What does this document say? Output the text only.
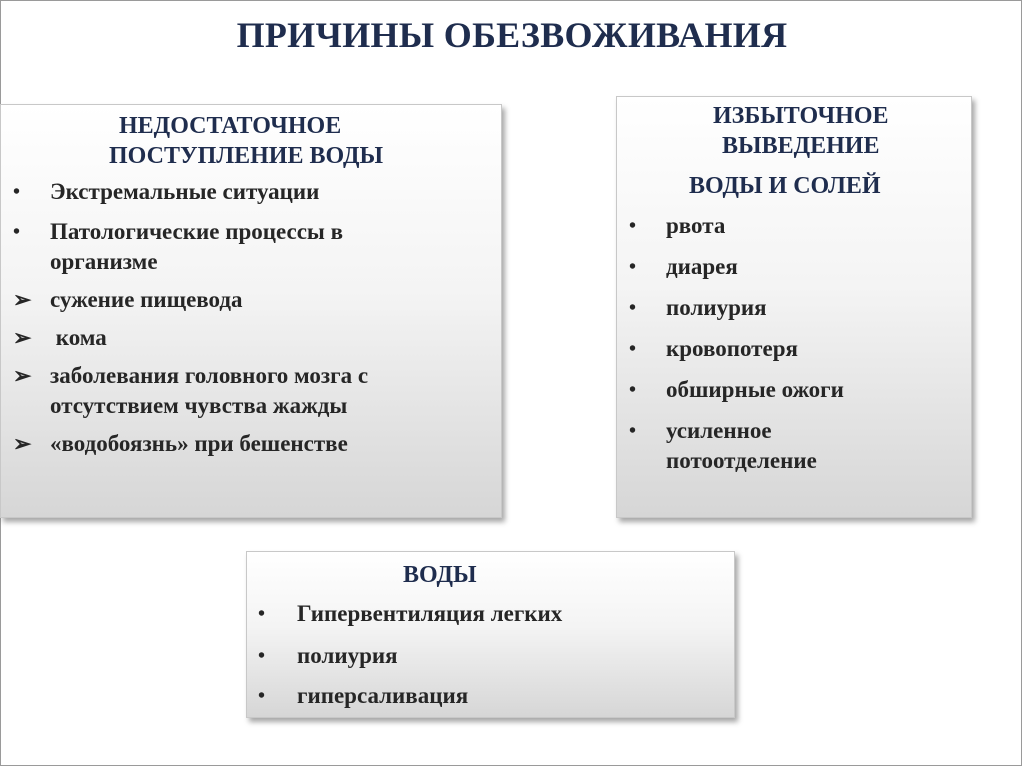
ПРИЧИНЫ ОБЕЗВОЖИВАНИЯ
НЕДОСТАТОЧНОЕ
ПОСТУПЛЕНИЕ ВОДЫ
• Экстремальные ситуации
• Патологические процессы в
организме
➢ сужение пищевода
➢ кома
➢ заболевания головного мозга с
отсутствием чувства жажды
➢ «водобоязнь» при бешенстве
ИЗБЫТОЧНОЕ
ВЫВЕДЕНИЕ
ВОДЫ И СОЛЕЙ
• рвота
• диарея
• полиурия
• кровопотеря
• обширные ожоги
• усиленное
потоотделение
ВОДЫ
• Гипервентиляция легких
• полиурия
• гиперсаливация
